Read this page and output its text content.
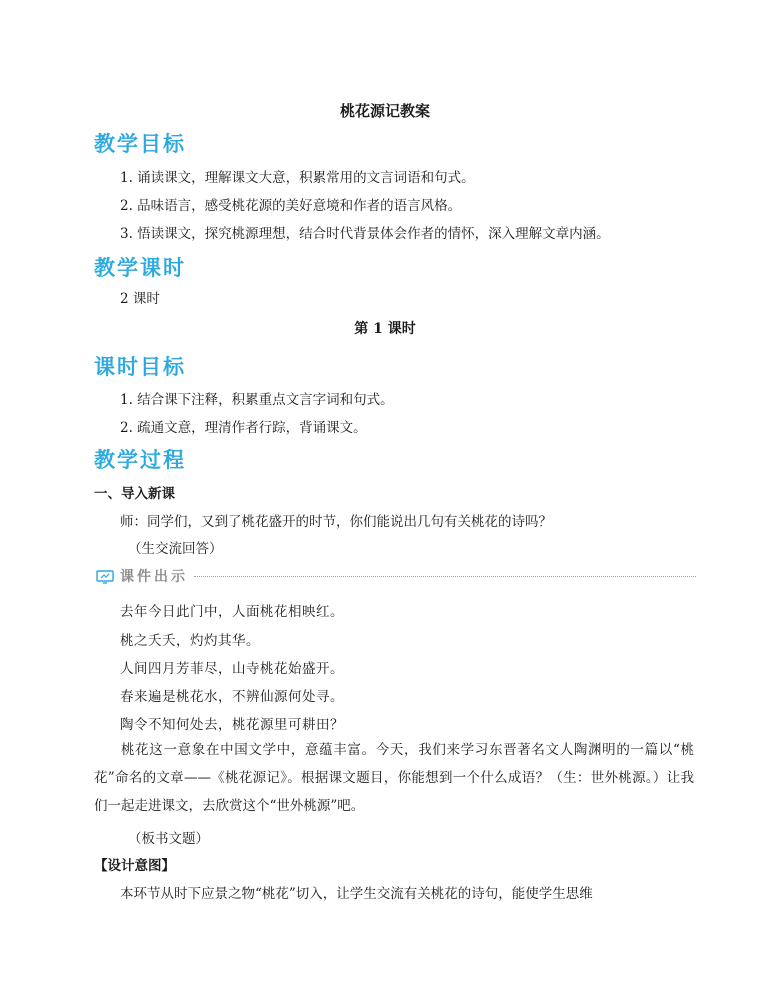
桃花源记教案
教学目标
1. 诵读课文，理解课文大意，积累常用的文言词语和句式。
2. 品味语言，感受桃花源的美好意境和作者的语言风格。
3. 悟读课文，探究桃源理想，结合时代背景体会作者的情怀，深入理解文章内涵。
教学课时
2 课时
第 1 课时
课时目标
1. 结合课下注释，积累重点文言字词和句式。
2. 疏通文意，理清作者行踪，背诵课文。
教学过程
一、导入新课
师：同学们，又到了桃花盛开的时节，你们能说出几句有关桃花的诗吗？
（生交流回答）
课件出示
去年今日此门中，人面桃花相映红。
桃之夭夭，灼灼其华。
人间四月芳菲尽，山寺桃花始盛开。
春来遍是桃花水，不辨仙源何处寻。
陶令不知何处去，桃花源里可耕田？
桃花这一意象在中国文学中，意蕴丰富。今天，我们来学习东晋著名文人陶渊明的一篇以“桃花”命名的文章——《桃花源记》。根据课文题目，你能想到一个什么成语？（生：世外桃源。）让我们一起走进课文，去欣赏这个“世外桃源”吧。
（板书文题）
【设计意图】
本环节从时下应景之物“桃花”切入，让学生交流有关桃花的诗句，能使学生思维
